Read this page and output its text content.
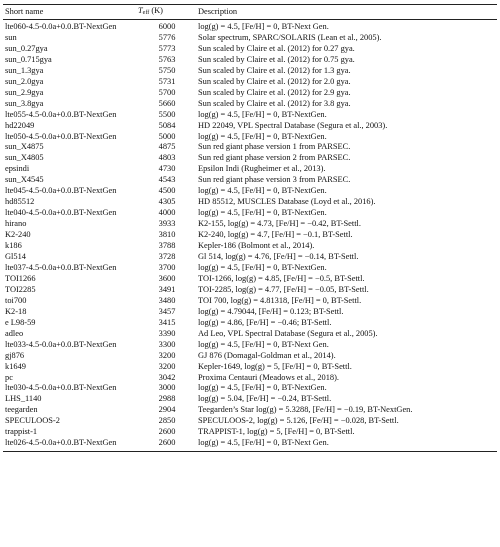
Short name	Teff (K)	Description
lte060-4.5-0.0a+0.0.BT-NextGen	6000	log(g) = 4.5, [Fe/H] = 0, BT-Next Gen.
sun	5776	Solar spectrum, SPARC/SOLARIS (Lean et al., 2005).
sun_0.27gya	5773	Sun scaled by Claire et al. (2012) for 0.27 gya.
sun_0.715gya	5763	Sun scaled by Claire et al. (2012) for 0.75 gya.
sun_1.3gya	5750	Sun scaled by Claire et al. (2012) for 1.3 gya.
sun_2.0gya	5731	Sun scaled by Claire et al. (2012) for 2.0 gya.
sun_2.9gya	5700	Sun scaled by Claire et al. (2012) for 2.9 gya.
sun_3.8gya	5660	Sun scaled by Claire et al. (2012) for 3.8 gya.
lte055-4.5-0.0a+0.0.BT-NextGen	5500	log(g) = 4.5, [Fe/H] = 0, BT-NextGen.
hd22049	5084	HD 22049, VPL Spectral Database (Segura et al., 2003).
lte050-4.5-0.0a+0.0.BT-NextGen	5000	log(g) = 4.5, [Fe/H] = 0, BT-NextGen.
sun_X4875	4875	Sun red giant phase version 1 from PARSEC.
sun_X4805	4803	Sun red giant phase version 2 from PARSEC.
epsindi	4730	Epsilon Indi (Rugheimer et al., 2013).
sun_X4545	4543	Sun red giant phase version 3 from PARSEC.
lte045-4.5-0.0a+0.0.BT-NextGen	4500	log(g) = 4.5, [Fe/H] = 0, BT-NextGen.
hd85512	4305	HD 85512, MUSCLES Database (Loyd et al., 2016).
lte040-4.5-0.0a+0.0.BT-NextGen	4000	log(g) = 4.5, [Fe/H] = 0, BT-NextGen.
hirano	3933	K2-155, log(g) = 4.73, [Fe/H] = −0.42, BT-Settl.
K2-240	3810	K2-240, log(g) = 4.7, [Fe/H] = −0.1, BT-Settl.
k186	3788	Kepler-186 (Bolmont et al., 2014).
Gl514	3728	Gl 514, log(g) = 4.76, [Fe/H] = −0.14, BT-Settl.
lte037-4.5-0.0a+0.0.BT-NextGen	3700	log(g) = 4.5, [Fe/H] = 0, BT-NextGen.
TOI1266	3600	TOI-1266, log(g) = 4.85, [Fe/H] = −0.5, BT-Settl.
TOI2285	3491	TOI-2285, log(g) = 4.77, [Fe/H] = −0.05, BT-Settl.
toi700	3480	TOI 700, log(g) = 4.81318, [Fe/H] = 0, BT-Settl.
K2-18	3457	log(g) = 4.79044, [Fe/H] = 0.123; BT-Settl.
e L98-59	3415	log(g) = 4.86, [Fe/H] = −0.46; BT-Settl.
adleo	3390	Ad Leo, VPL Spectral Database (Segura et al., 2005).
lte033-4.5-0.0a+0.0.BT-NextGen	3300	log(g) = 4.5, [Fe/H] = 0, BT-Next Gen.
gj876	3200	GJ 876 (Domagal-Goldman et al., 2014).
k1649	3200	Kepler-1649, log(g) = 5, [Fe/H] = 0, BT-Settl.
pc	3042	Proxima Centauri (Meadows et al., 2018).
lte030-4.5-0.0a+0.0.BT-NextGen	3000	log(g) = 4.5, [Fe/H] = 0, BT-NextGen.
LHS_1140	2988	log(g) = 5.04, [Fe/H] = −0.24, BT-Settl.
teegarden	2904	Teegarden’s Star log(g) = 5.3288, [Fe/H] = −0.19, BT-NextGen.
SPECULOOS-2	2850	SPECULOOS-2, log(g) = 5.126, [Fe/H] = −0.028, BT-Settl.
trappist-1	2600	TRAPPIST-1, log(g) = 5, [Fe/H] = 0, BT-Settl.
lte026-4.5-0.0a+0.0.BT-NextGen	2600	log(g) = 4.5, [Fe/H] = 0, BT-Next Gen.
